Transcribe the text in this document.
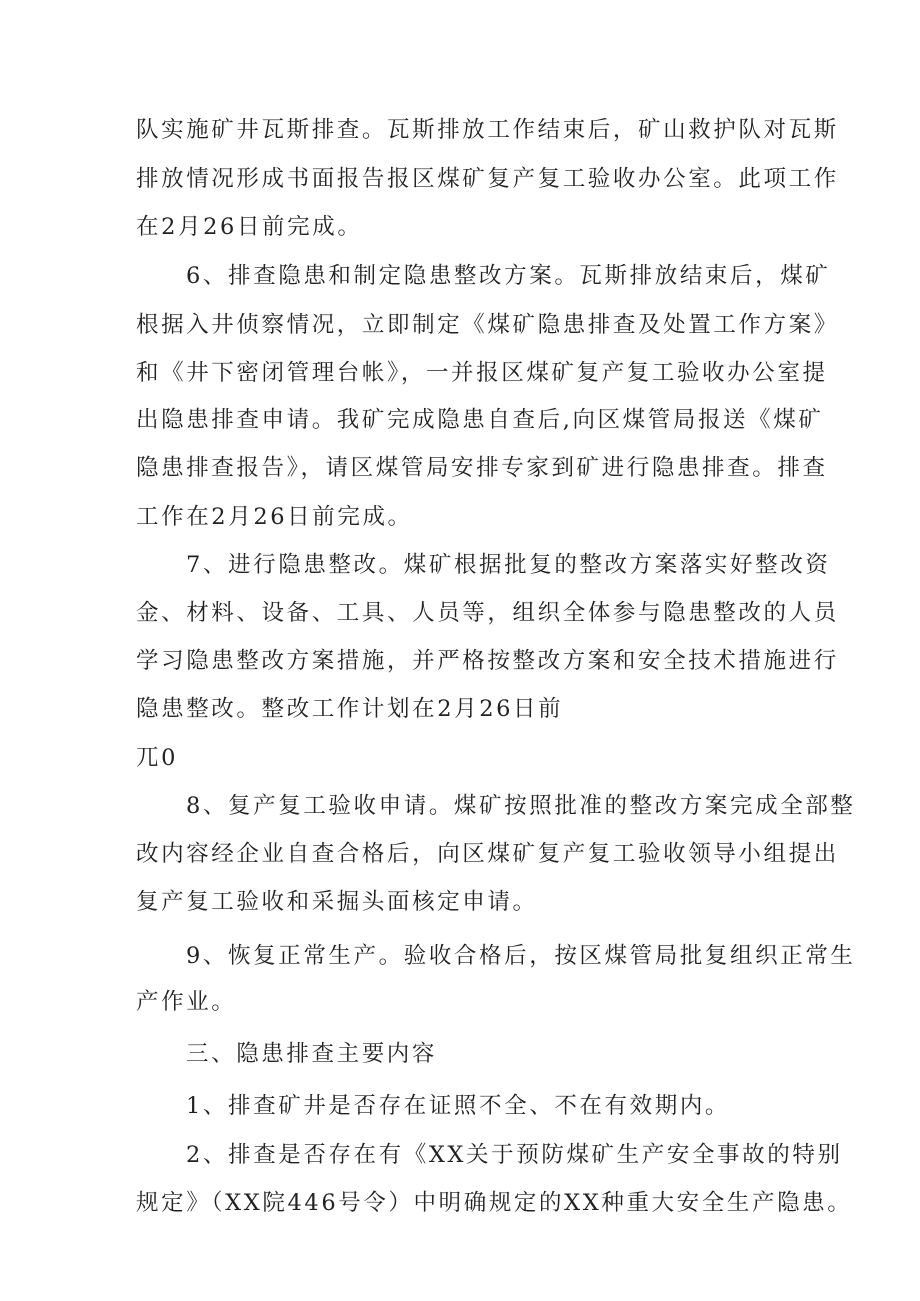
队实施矿井瓦斯排查。瓦斯排放工作结束后，矿山救护队对瓦斯
排放情况形成书面报告报区煤矿复产复工验收办公室。此项工作
在2月26日前完成。
6、排查隐患和制定隐患整改方案。瓦斯排放结束后，煤矿
根据入井侦察情况，立即制定《煤矿隐患排查及处置工作方案》
和《井下密闭管理台帐》，一并报区煤矿复产复工验收办公室提
出隐患排查申请。我矿完成隐患自查后,向区煤管局报送《煤矿
隐患排查报告》，请区煤管局安排专家到矿进行隐患排查。排查
工作在2月26日前完成。
7、进行隐患整改。煤矿根据批复的整改方案落实好整改资
金、材料、设备、工具、人员等，组织全体参与隐患整改的人员
学习隐患整改方案措施，并严格按整改方案和安全技术措施进行
隐患整改。整改工作计划在2月26日前
兀0
8、复产复工验收申请。煤矿按照批准的整改方案完成全部整
改内容经企业自查合格后，向区煤矿复产复工验收领导小组提出
复产复工验收和采掘头面核定申请。
9、恢复正常生产。验收合格后，按区煤管局批复组织正常生
产作业。
三、隐患排查主要内容
1、排查矿井是否存在证照不全、不在有效期内。
2、排查是否存在有《XX关于预防煤矿生产安全事故的特别
规定》（XX院446号令）中明确规定的XX种重大安全生产隐患。
